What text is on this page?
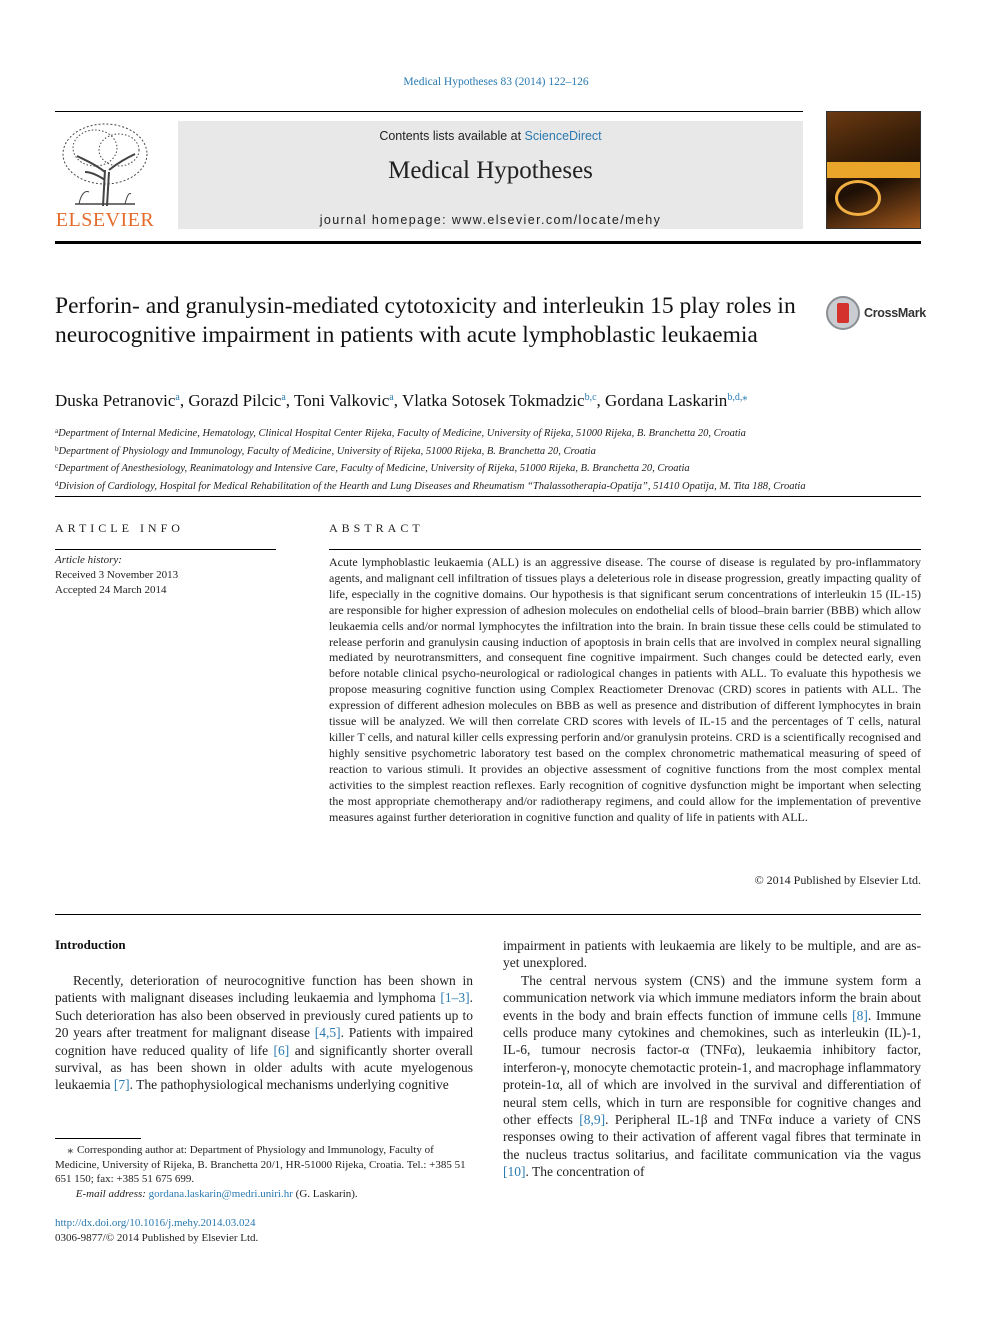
Medical Hypotheses 83 (2014) 122–126
ELSEVIER
Contents lists available at ScienceDirect
Medical Hypotheses
journal homepage: www.elsevier.com/locate/mehy
Perforin- and granulysin-mediated cytotoxicity and interleukin 15 play roles in neurocognitive impairment in patients with acute lymphoblastic leukaemia
CrossMark
Duska Petranovic$^a$, Gorazd Pilcic$^a$, Toni Valkovic$^a$, Vlatka Sotosek Tokmadzic$^{b,c}$, Gordana Laskarin$^{b,d,⁎}$
$^a$Department of Internal Medicine, Hematology, Clinical Hospital Center Rijeka, Faculty of Medicine, University of Rijeka, 51000 Rijeka, B. Branchetta 20, Croatia
$^b$Department of Physiology and Immunology, Faculty of Medicine, University of Rijeka, 51000 Rijeka, B. Branchetta 20, Croatia
$^c$Department of Anesthesiology, Reanimatology and Intensive Care, Faculty of Medicine, University of Rijeka, 51000 Rijeka, B. Branchetta 20, Croatia
$^d$Division of Cardiology, Hospital for Medical Rehabilitation of the Hearth and Lung Diseases and Rheumatism “Thalassotherapia-Opatija”, 51410 Opatija, M. Tita 188, Croatia
ARTICLE INFO
Article history:
Received 3 November 2013
Accepted 24 March 2014
ABSTRACT
Acute lymphoblastic leukaemia (ALL) is an aggressive disease. The course of disease is regulated by pro-inflammatory agents, and malignant cell infiltration of tissues plays a deleterious role in disease progression, greatly impacting quality of life, especially in the cognitive domains. Our hypothesis is that significant serum concentrations of interleukin 15 (IL-15) are responsible for higher expression of adhesion molecules on endothelial cells of blood–brain barrier (BBB) which allow leukaemia cells and/or normal lymphocytes the infiltration into the brain. In brain tissue these cells could be stimulated to release perforin and granulysin causing induction of apoptosis in brain cells that are involved in complex neural signalling mediated by neurotransmitters, and consequent fine cognitive impairment. Such changes could be detected early, even before notable clinical psycho-neurological or radiological changes in patients with ALL. To evaluate this hypothesis we propose measuring cognitive function using Complex Reactiometer Drenovac (CRD) scores in patients with ALL. The expression of different adhesion molecules on BBB as well as presence and distribution of different lymphocytes in brain tissue will be analyzed. We will then correlate CRD scores with levels of IL-15 and the percentages of T cells, natural killer T cells, and natural killer cells expressing perforin and/or granulysin proteins. CRD is a scientifically recognised and highly sensitive psychometric laboratory test based on the complex chronometric mathematical measuring of speed of reaction to various stimuli. It provides an objective assessment of cognitive functions from the most complex mental activities to the simplest reaction reflexes. Early recognition of cognitive dysfunction might be important when selecting the most appropriate chemotherapy and/or radiotherapy regimens, and could allow for the implementation of preventive measures against further deterioration in cognitive function and quality of life in patients with ALL.
© 2014 Published by Elsevier Ltd.
Introduction

Recently, deterioration of neurocognitive function has been shown in patients with malignant diseases including leukaemia and lymphoma [1–3]. Such deterioration has also been observed in previously cured patients up to 20 years after treatment for malignant disease [4,5]. Patients with impaired cognition have reduced quality of life [6] and significantly shorter overall survival, as has been shown in older adults with acute myelogenous leukaemia [7]. The pathophysiological mechanisms underlying cognitive

impairment in patients with leukaemia are likely to be multiple, and are as-yet unexplored.

The central nervous system (CNS) and the immune system form a communication network via which immune mediators inform the brain about events in the body and brain effects function of immune cells [8]. Immune cells produce many cytokines and chemokines, such as interleukin (IL)-1, IL-6, tumour necrosis factor-α (TNFα), leukaemia inhibitory factor, interferon-γ, monocyte chemotactic protein-1, and macrophage inflammatory protein-1α, all of which are involved in the survival and differentiation of neural stem cells, which in turn are responsible for cognitive changes and other effects [8,9]. Peripheral IL-1β and TNFα induce a variety of CNS responses owing to their activation of afferent vagal fibres that terminate in the nucleus tractus solitarius, and facilitate communication via the vagus [10]. The concentration of

⁎ Corresponding author at: Department of Physiology and Immunology, Faculty of Medicine, University of Rijeka, B. Branchetta 20/1, HR-51000 Rijeka, Croatia. Tel.: +385 51 651 150; fax: +385 51 675 699.
E-mail address: gordana.laskarin@medri.uniri.hr (G. Laskarin).
http://dx.doi.org/10.1016/j.mehy.2014.03.024
0306-9877/© 2014 Published by Elsevier Ltd.
